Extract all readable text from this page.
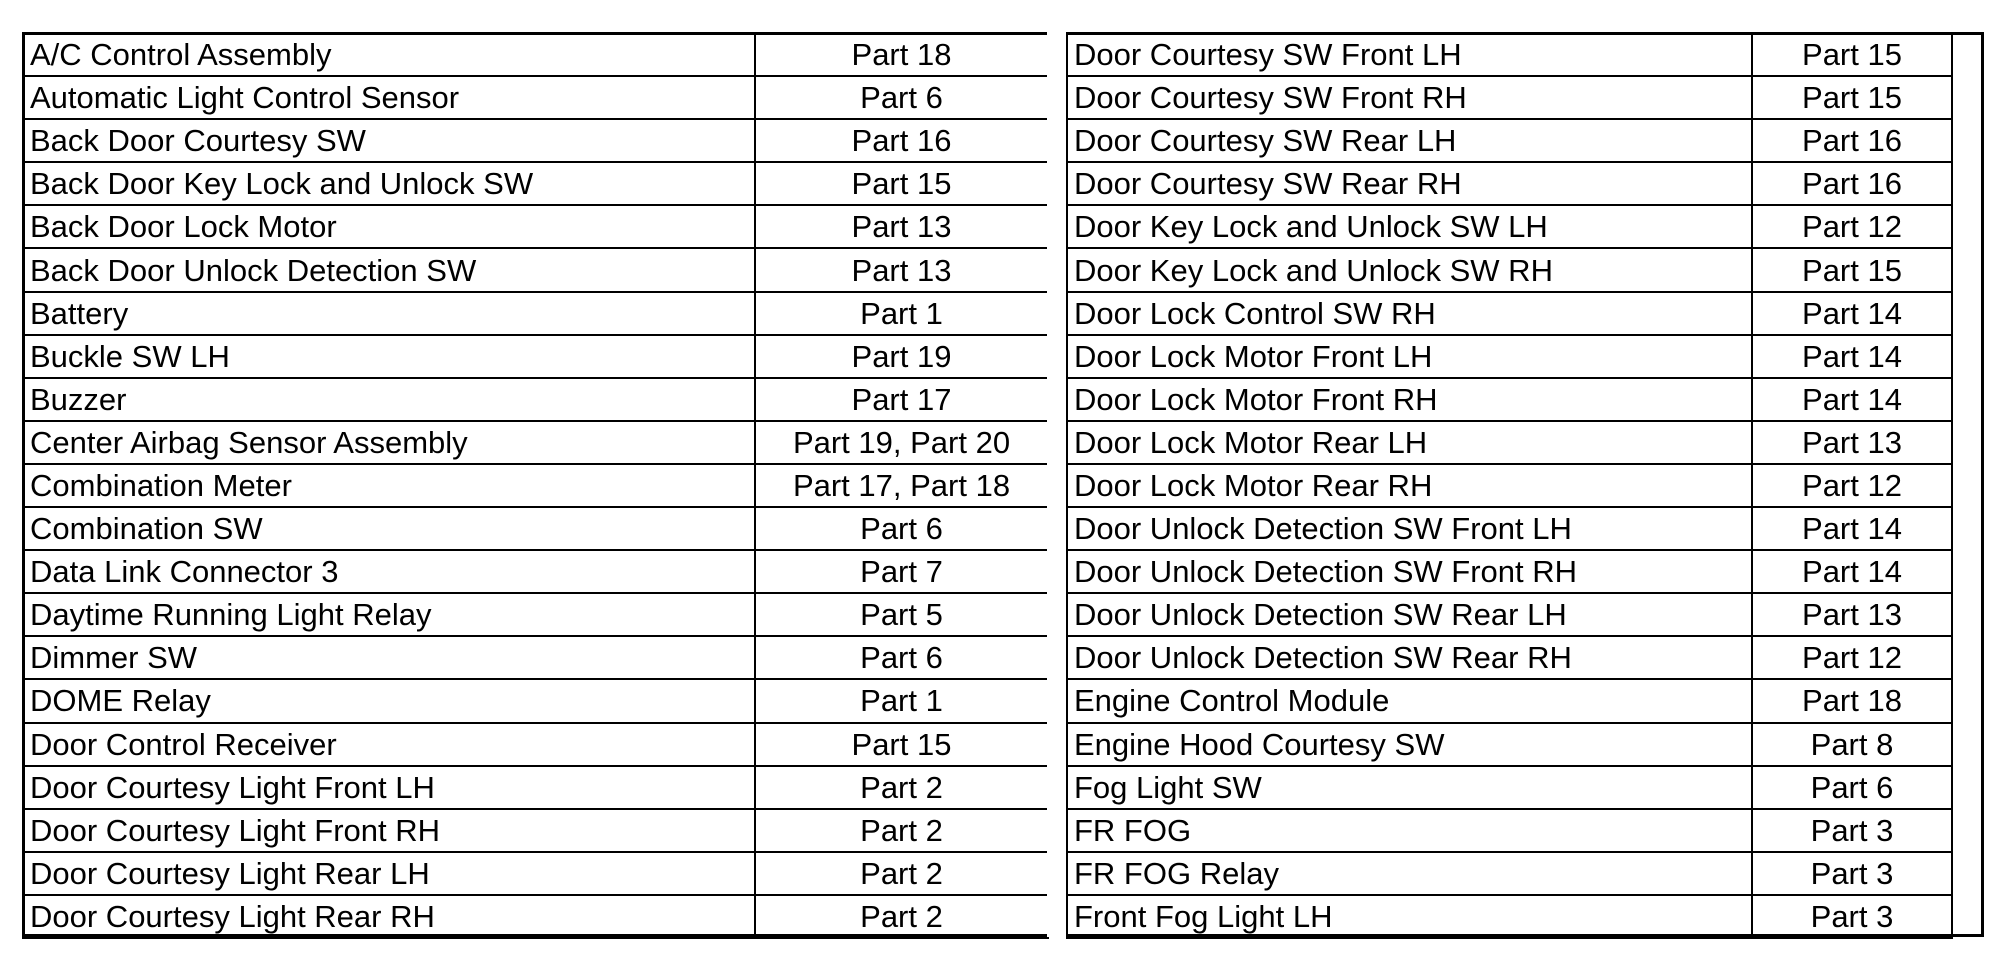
A/C Control Assembly	Part 18
Automatic Light Control Sensor	Part 6
Back Door Courtesy SW	Part 16
Back Door Key Lock and Unlock SW	Part 15
Back Door Lock Motor	Part 13
Back Door Unlock Detection SW	Part 13
Battery	Part 1
Buckle SW LH	Part 19
Buzzer	Part 17
Center Airbag Sensor Assembly	Part 19, Part 20
Combination Meter	Part 17, Part 18
Combination SW	Part 6
Data Link Connector 3	Part 7
Daytime Running Light Relay	Part 5
Dimmer SW	Part 6
DOME Relay	Part 1
Door Control Receiver	Part 15
Door Courtesy Light Front LH	Part 2
Door Courtesy Light Front RH	Part 2
Door Courtesy Light Rear LH	Part 2
Door Courtesy Light Rear RH	Part 2
Door Courtesy SW Front LH	Part 15
Door Courtesy SW Front RH	Part 15
Door Courtesy SW Rear LH	Part 16
Door Courtesy SW Rear RH	Part 16
Door Key Lock and Unlock SW LH	Part 12
Door Key Lock and Unlock SW RH	Part 15
Door Lock Control SW RH	Part 14
Door Lock Motor Front LH	Part 14
Door Lock Motor Front RH	Part 14
Door Lock Motor Rear LH	Part 13
Door Lock Motor Rear RH	Part 12
Door Unlock Detection SW Front LH	Part 14
Door Unlock Detection SW Front RH	Part 14
Door Unlock Detection SW Rear LH	Part 13
Door Unlock Detection SW Rear RH	Part 12
Engine Control Module	Part 18
Engine Hood Courtesy SW	Part 8
Fog Light SW	Part 6
FR FOG	Part 3
FR FOG Relay	Part 3
Front Fog Light LH	Part 3
